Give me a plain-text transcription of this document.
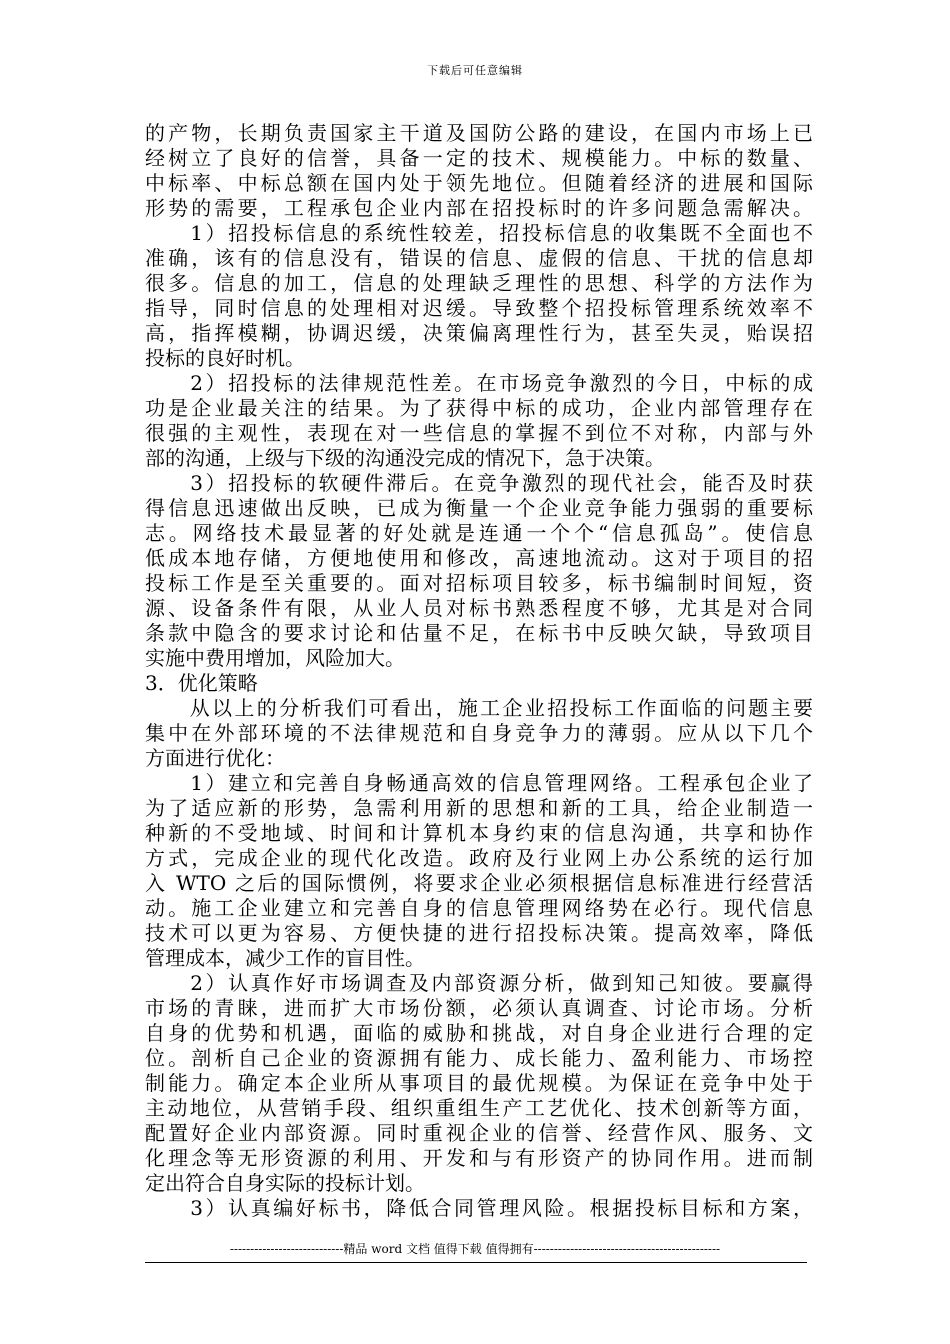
下载后可任意编辑
的产物，长期负责国家主干道及国防公路的建设，在国内市场上已
经树立了良好的信誉，具备一定的技术、规模能力。中标的数量、
中标率、中标总额在国内处于领先地位。但随着经济的进展和国际
形势的需要，工程承包企业内部在招投标时的许多问题急需解决。
　　1）招投标信息的系统性较差，招投标信息的收集既不全面也不
准确，该有的信息没有，错误的信息、虚假的信息、干扰的信息却
很多。信息的加工，信息的处理缺乏理性的思想、科学的方法作为
指导，同时信息的处理相对迟缓。导致整个招投标管理系统效率不
高，指挥模糊，协调迟缓，决策偏离理性行为，甚至失灵，贻误招
投标的良好时机。
　　2）招投标的法律规范性差。在市场竞争激烈的今日，中标的成
功是企业最关注的结果。为了获得中标的成功，企业内部管理存在
很强的主观性，表现在对一些信息的掌握不到位不对称，内部与外
部的沟通，上级与下级的沟通没完成的情况下，急于决策。
　　3）招投标的软硬件滞后。在竞争激烈的现代社会，能否及时获
得信息迅速做出反映，已成为衡量一个企业竞争能力强弱的重要标
志。网络技术最显著的好处就是连通一个个“信息孤岛”。使信息
低成本地存储，方便地使用和修改，高速地流动。这对于项目的招
投标工作是至关重要的。面对招标项目较多，标书编制时间短，资
源、设备条件有限，从业人员对标书熟悉程度不够，尤其是对合同
条款中隐含的要求讨论和估量不足，在标书中反映欠缺，导致项目
实施中费用增加，风险加大。
3．优化策略
　　从以上的分析我们可看出，施工企业招投标工作面临的问题主要
集中在外部环境的不法律规范和自身竞争力的薄弱。应从以下几个
方面进行优化：
　　1）建立和完善自身畅通高效的信息管理网络。工程承包企业了
为了适应新的形势，急需利用新的思想和新的工具，给企业制造一
种新的不受地域、时间和计算机本身约束的信息沟通，共享和协作
方式，完成企业的现代化改造。政府及行业网上办公系统的运行加
入 WTO 之后的国际惯例，将要求企业必须根据信息标准进行经营活
动。施工企业建立和完善自身的信息管理网络势在必行。现代信息
技术可以更为容易、方便快捷的进行招投标决策。提高效率，降低
管理成本，减少工作的盲目性。
　　2）认真作好市场调查及内部资源分析，做到知己知彼。要赢得
市场的青睐，进而扩大市场份额，必须认真调查、讨论市场。分析
自身的优势和机遇，面临的威胁和挑战，对自身企业进行合理的定
位。剖析自己企业的资源拥有能力、成长能力、盈利能力、市场控
制能力。确定本企业所从事项目的最优规模。为保证在竞争中处于
主动地位，从营销手段、组织重组生产工艺优化、技术创新等方面，
配置好企业内部资源。同时重视企业的信誉、经营作风、服务、文
化理念等无形资源的利用、开发和与有形资产的协同作用。进而制
定出符合自身实际的投标计划。
　　3）认真编好标书，降低合同管理风险。根据投标目标和方案，
----------------------------精品 word 文档 值得下载 值得拥有----------------------------------------------
